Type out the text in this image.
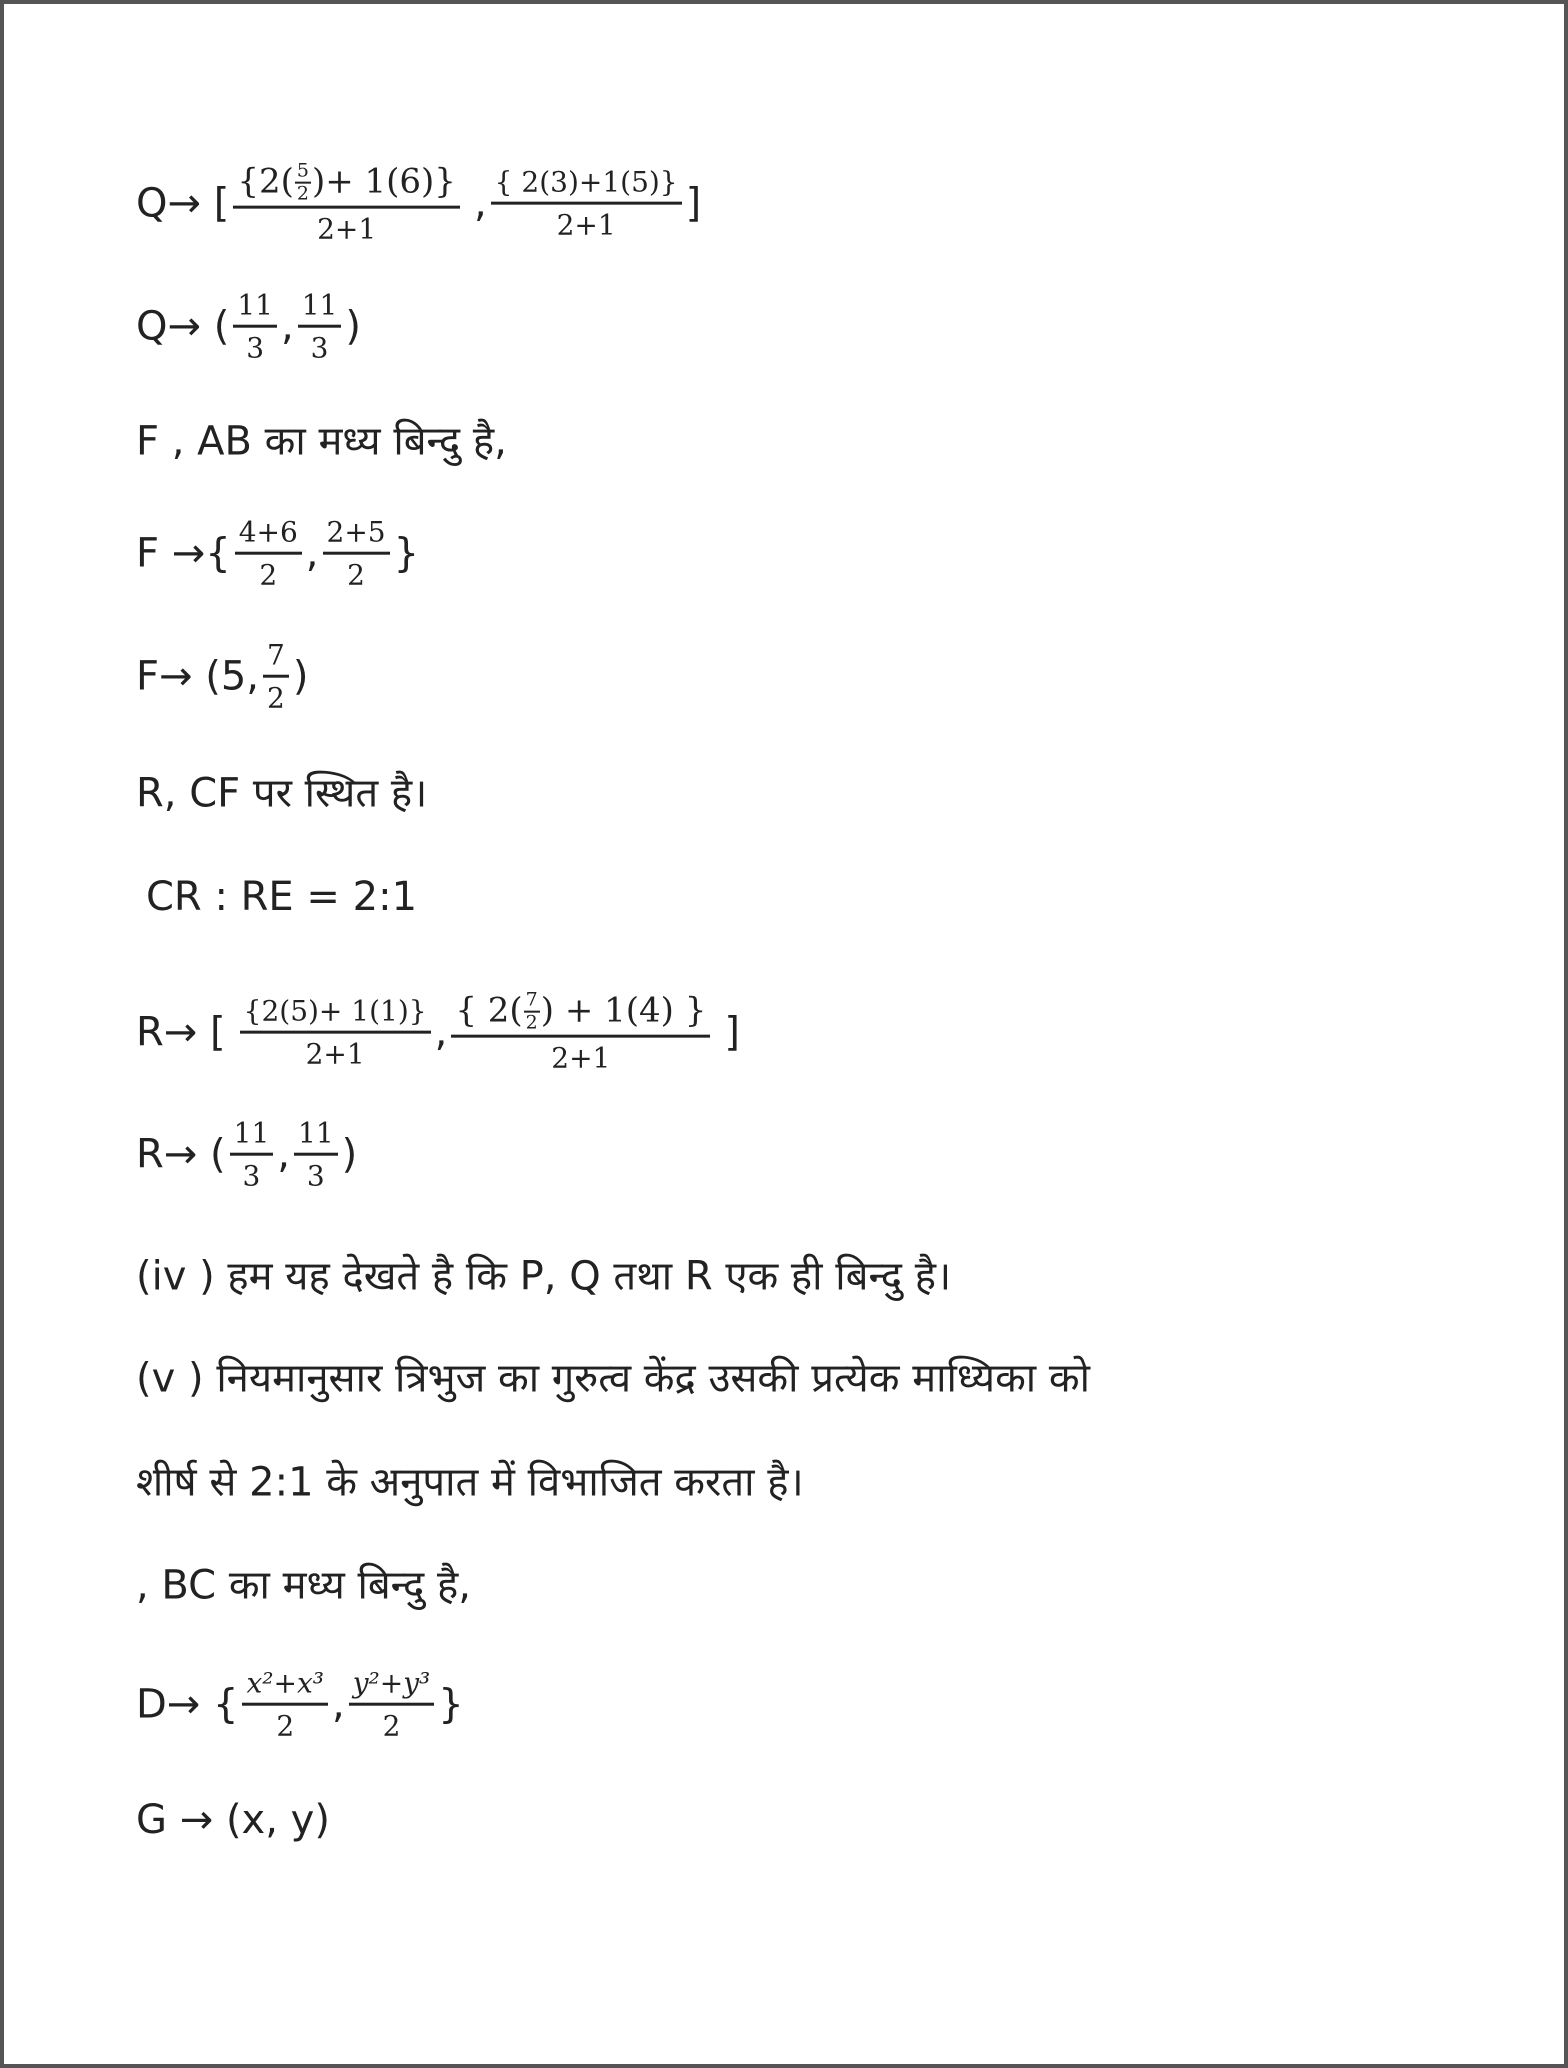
Q→ [ $\frac{\{2( \frac{5}{2} )+ 1(6)\}}{2+1}$ , $\frac{\{ 2(3)+1(5)\}}{2+1}$ ]
Q→ ( $\frac{11}{3}$ , $\frac{11}{3}$ )
F , AB का मध्य बिन्दु है,
F →{ $\frac{4+6}{2}$ , $\frac{2+5}{2}$ }
F→ (5, $\frac{7}{2}$ )
R, CF पर स्थित है।
CR : RE = 2:1
R→ [ $\frac{\{2(5)+ 1(1)\}}{2+1}$ , $\frac{\{ 2( \frac{7}{2} ) + 1(4) \}}{2+1}$ ]
R→ ( $\frac{11}{3}$ , $\frac{11}{3}$ )
(iv ) हम यह देखते है कि P, Q तथा R एक ही बिन्दु है।
(v ) नियमानुसार त्रिभुज का गुरुत्व केंद्र उसकी प्रत्येक माध्यिका को
शीर्ष से 2:1 के अनुपात में विभाजित करता है।
, BC का मध्य बिन्दु है,
D→ { $\frac{\text{x²+x³}}{2}$ , $\frac{\text{y²+y³}}{2}$ }
G → (x, y)
